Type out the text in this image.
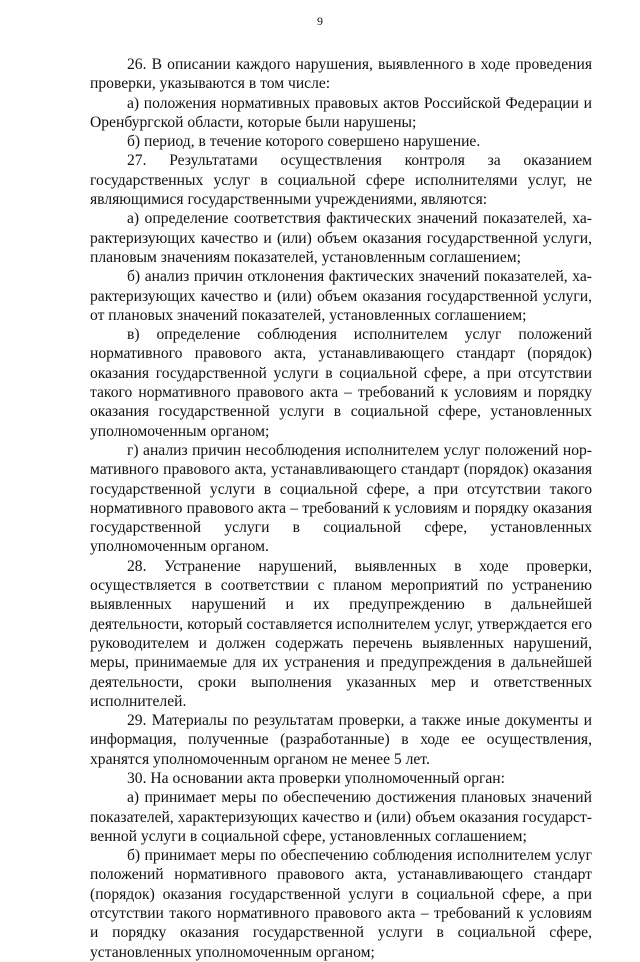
9

26. В описании каждого нарушения, выявленного в ходе проведения проверки, указываются в том числе:

а) положения нормативных правовых актов Российской Федерации и Оренбургской области, которые были нарушены;

б) период, в течение которого совершено нарушение.

27. Результатами осуществления контроля за оказанием государственных услуг в социальной сфере исполнителями услуг, не являющимися государственными учреждениями, являются:

а) определение соответствия фактических значений показателей, характеризующих качество и (или) объем оказания государственной услуги, плановым значениям показателей, установленным соглашением;

б) анализ причин отклонения фактических значений показателей, характеризующих качество и (или) объем оказания государственной услуги, от плановых значений показателей, установленных соглашением;

в) определение соблюдения исполнителем услуг положений нормативного правового акта, устанавливающего стандарт (порядок) оказания государственной услуги в социальной сфере, а при отсутствии такого нормативного правового акта – требований к условиям и порядку оказания государственной услуги в социальной сфере, установленных уполномоченным органом;

г) анализ причин несоблюдения исполнителем услуг положений нормативного правового акта, устанавливающего стандарт (порядок) оказания государственной услуги в социальной сфере, а при отсутствии такого нормативного правового акта – требований к условиям и порядку оказания государственной услуги в социальной сфере, установленных уполномоченным органом.

28. Устранение нарушений, выявленных в ходе проверки, осуществляется в соответствии с планом мероприятий по устранению выявленных нарушений и их предупреждению в дальнейшей деятельности, который составляется исполнителем услуг, утверждается его руководителем и должен содержать перечень выявленных нарушений, меры, принимаемые для их устранения и предупреждения в дальнейшей деятельности, сроки выполнения указанных мер и ответственных исполнителей.

29. Материалы по результатам проверки, а также иные документы и информация, полученные (разработанные) в ходе ее осуществления, хранятся уполномоченным органом не менее 5 лет.

30. На основании акта проверки уполномоченный орган:

а) принимает меры по обеспечению достижения плановых значений показателей, характеризующих качество и (или) объем оказания государственной услуги в социальной сфере, установленных соглашением;

б) принимает меры по обеспечению соблюдения исполнителем услуг положений нормативного правового акта, устанавливающего стандарт (порядок) оказания государственной услуги в социальной сфере, а при отсутствии такого нормативного правового акта – требований к условиям и порядку оказания государственной услуги в социальной сфере, установленных уполномоченным органом;
